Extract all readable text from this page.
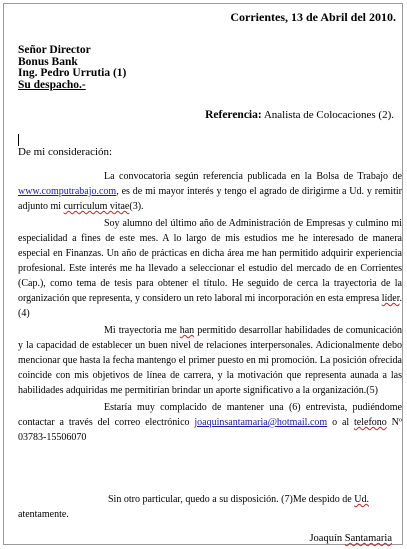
Corrientes, 13 de Abril del 2010.
Señor Director
Bonus Bank
Ing. Pedro Urrutia (1)
Su despacho.-
Referencia: Analista de Colocaciones (2).
De mi consideración:

La convocatoria según referencia publicada en la Bolsa de Trabajo de www.computrabajo.com, es de mi mayor interés y tengo el agrado de dirigirme a Ud. y remitir adjunto mi curriculum vitae(3).

Soy alumno del último año de Administración de Empresas y culmino mi especialidad a fines de este mes. A lo largo de mis estudios me he interesado de manera especial en Finanzas. Un año de prácticas en dicha área me han permitido adquirir experiencia profesional. Este interés me ha llevado a seleccionar el estudio del mercado de en Corrientes (Cap.), como tema de tesis para obtener el título. He seguido de cerca la trayectoria de la organización que representa, y considero un reto laboral mi incorporación en esta empresa líder.(4)

Mi trayectoria me han permitido desarrollar habilidades de comunicación y la capacidad de establecer un buen nivel de relaciones interpersonales. Adicionalmente debo mencionar que hasta la fecha mantengo el primer puesto en mi promoción. La posición ofrecida coincide con mis objetivos de línea de carrera, y la motivación que representa aunada a las habilidades adquiridas me permitirían brindar un aporte significativo a la organización.(5)

Estaría muy complacido de mantener una (6) entrevista, pudiéndome contactar a través del correo electrónico joaquinsantamaria@hotmail.com o al telefono Nº 03783-15506070

Sin otro particular, quedo a su disposición. (7)Me despido de Ud.
atentamente.
Joaquín Santamaria
